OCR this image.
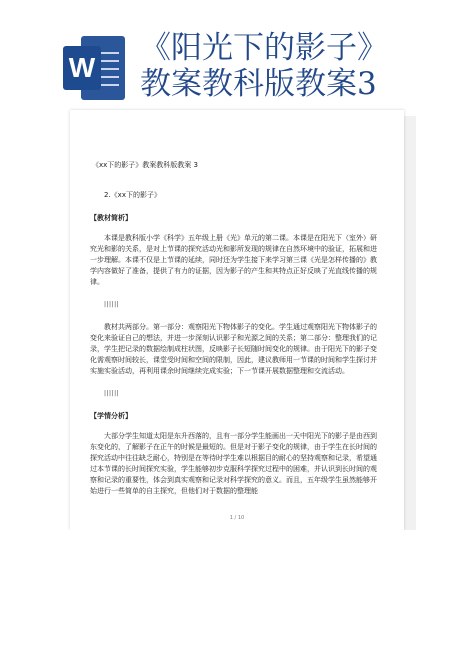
W
《阳光下的影子》
教案教科版教案3

《xx下的影子》教案教科版教案 3

2.《xx下的影子》

【教材简析】

本课是教科版小学《科学》五年级上册《光》单元的第二课。本课是在阳光下（室外）研究光和影的关系，是对上节课的探究活动光和影所发现的规律在自然环境中的验证，拓展和进一步理解。本课不仅是上节课的延续，同时还为学生接下来学习第三课《光是怎样传播的》教学内容做好了准备，提供了有力的证据，因为影子的产生和其特点正好反映了光直线传播的规律。

||||||

教材共两部分。第一部分：观察阳光下物体影子的变化。学生通过观察阳光下物体影子的变化来验证自己的想法，并进一步深刻认识影子和光源之间的关系；第二部分：整理我们的记录，学生把记录的数据绘制成柱状图，反映影子长短随时间变化的规律。由于阳光下的影子变化需观察时间较长，课堂受时间和空间的限制，因此，建议教师用一节课的时间和学生探讨并实施实验活动，再利用课余时间继续完成实验；下一节课开展数据整理和交流活动。

||||||

【学情分析】

大部分学生知道太阳是东升西落的，且有一部分学生能画出一天中阳光下的影子是由西到东变化的，了解影子在正午的时候是最短的。但是对于影子变化的规律，由于学生在长时间的探究活动中往往缺乏耐心，特别是在等待时学生难以根据目的耐心的坚持观察和记录，希望通过本节课的长时间探究实验，学生能够初步克服科学探究过程中的困难，并认识到长时间的观察和记录的重要性，体会到真实观察和记录对科学探究的意义。而且，五年级学生虽然能够开始进行一些简单的自主探究，但他们对于数据的整理能

1 / 10
